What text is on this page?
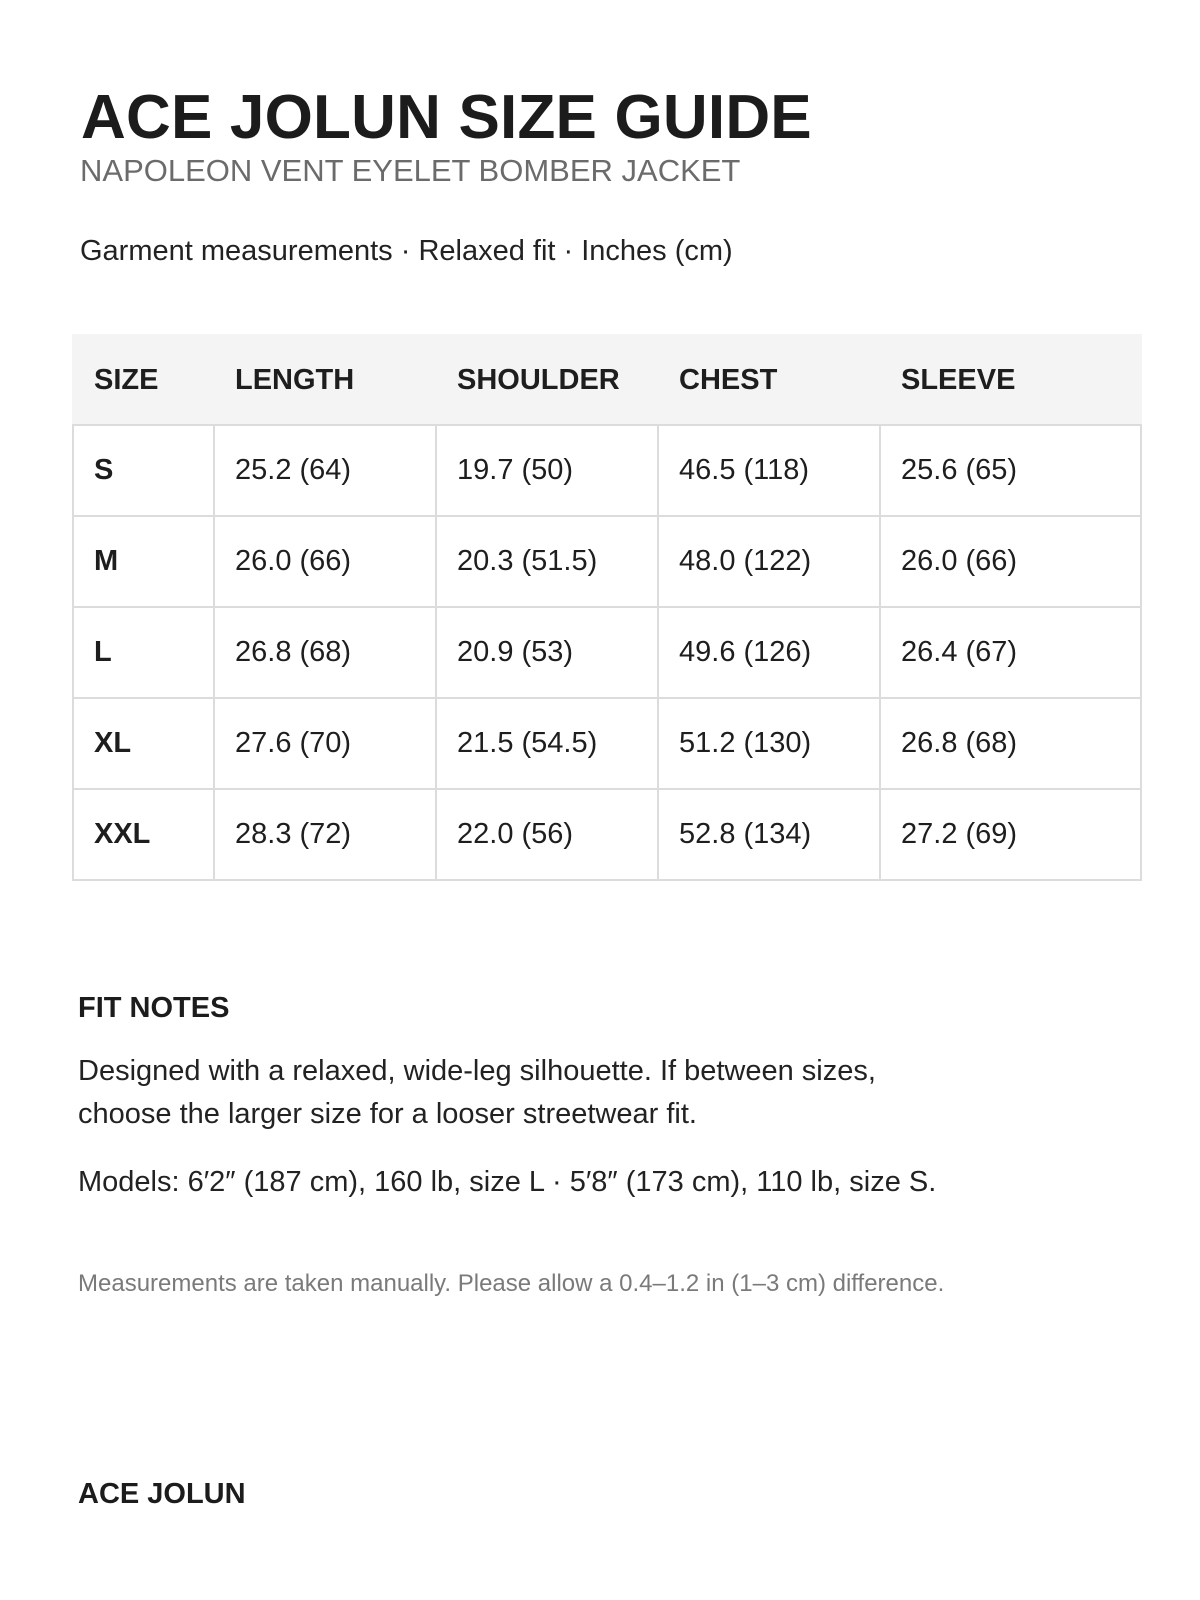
ACE JOLUN SIZE GUIDE
NAPOLEON VENT EYELET BOMBER JACKET
Garment measurements · Relaxed fit · Inches (cm)
SIZE	LENGTH	SHOULDER	CHEST	SLEEVE
S	25.2 (64)	19.7 (50)	46.5 (118)	25.6 (65)
M	26.0 (66)	20.3 (51.5)	48.0 (122)	26.0 (66)
L	26.8 (68)	20.9 (53)	49.6 (126)	26.4 (67)
XL	27.6 (70)	21.5 (54.5)	51.2 (130)	26.8 (68)
XXL	28.3 (72)	22.0 (56)	52.8 (134)	27.2 (69)
FIT NOTES

Designed with a relaxed, wide-leg silhouette. If between sizes,
choose the larger size for a looser streetwear fit.

Models: 6′2″ (187 cm), 160 lb, size L · 5′8″ (173 cm), 110 lb, size S.
Measurements are taken manually. Please allow a 0.4–1.2 in (1–3 cm) difference.
ACE JOLUN
